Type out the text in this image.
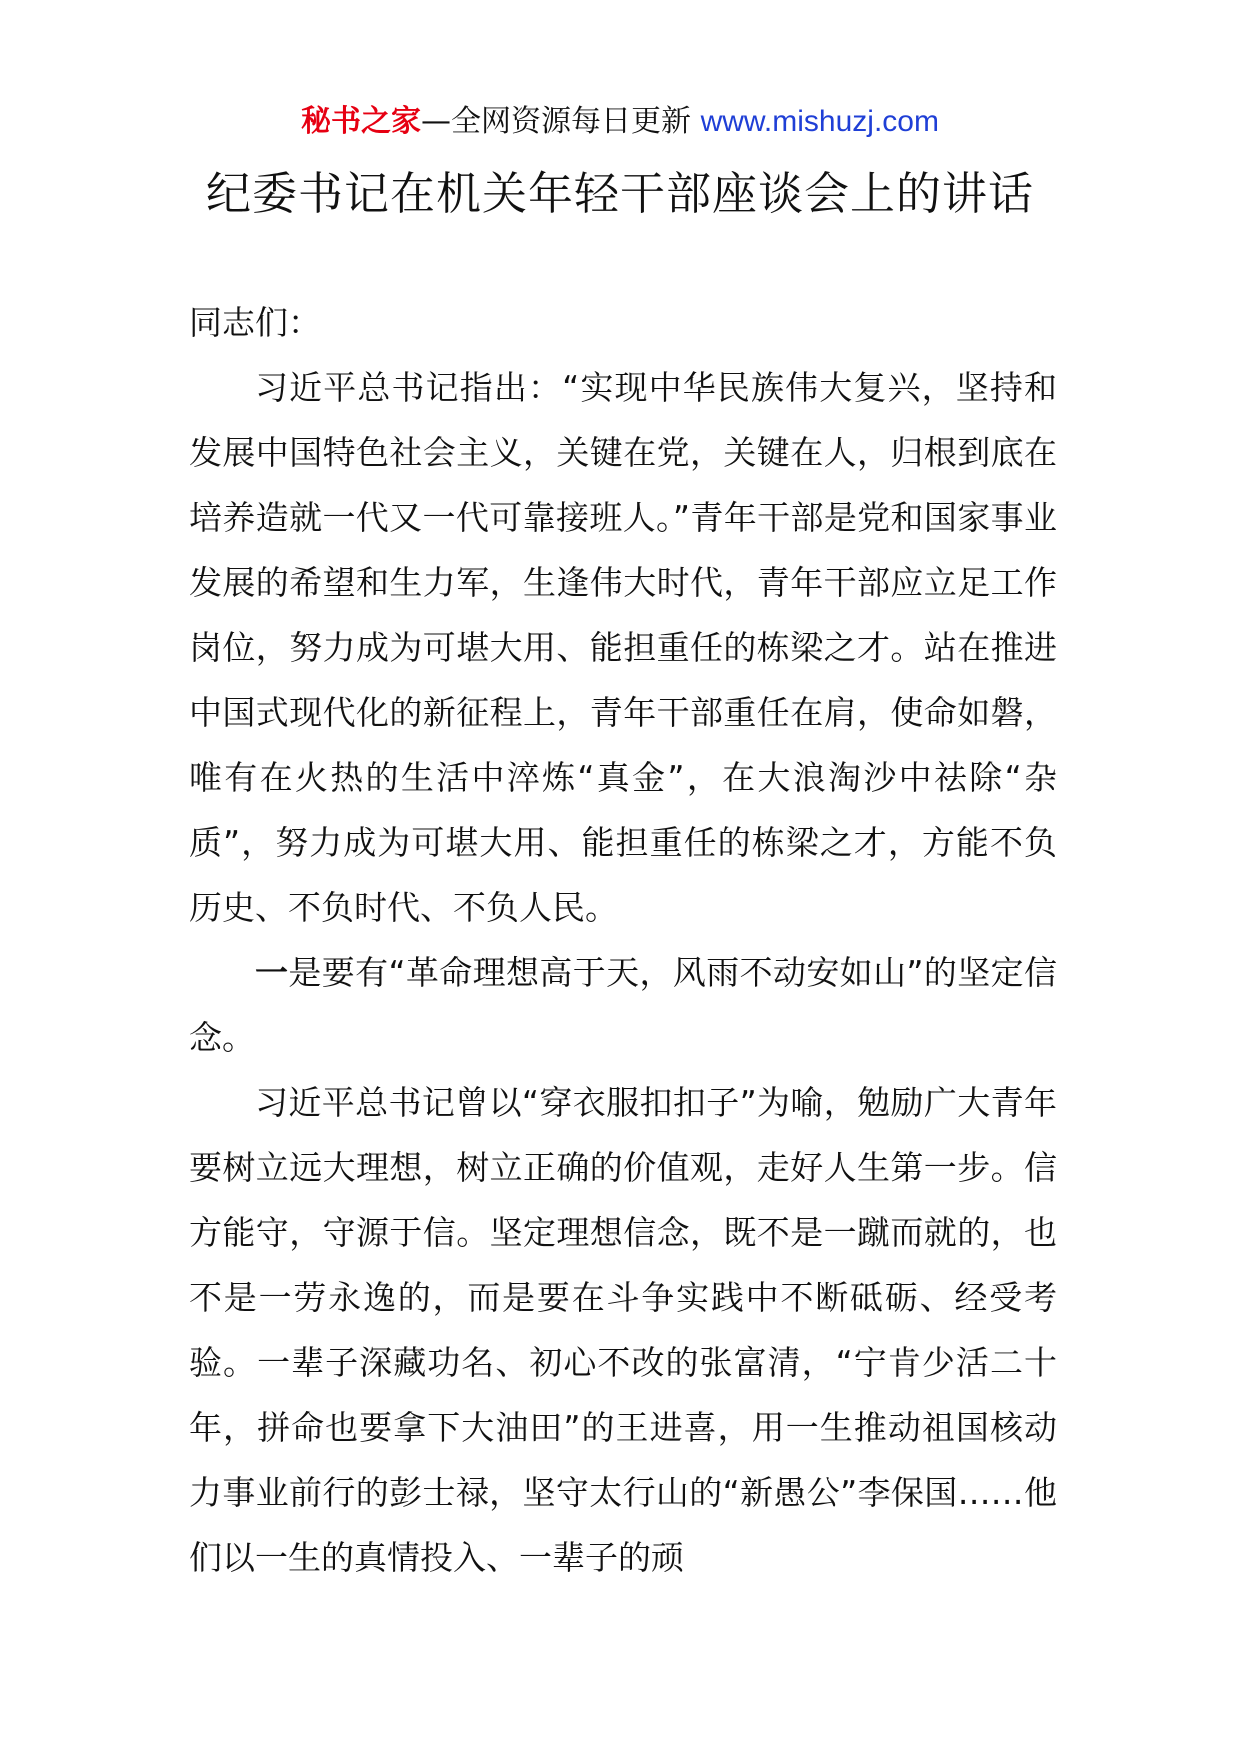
秘书之家—全网资源每日更新 www.mishuzj.com
纪委书记在机关年轻干部座谈会上的讲话

同志们：

习近平总书记指出：“实现中华民族伟大复兴，坚持和发展中国特色社会主义，关键在党，关键在人，归根到底在培养造就一代又一代可靠接班人。”青年干部是党和国家事业发展的希望和生力军，生逢伟大时代，青年干部应立足工作岗位，努力成为可堪大用、能担重任的栋梁之才。站在推进中国式现代化的新征程上，青年干部重任在肩，使命如磐，唯有在火热的生活中淬炼“真金”，在大浪淘沙中祛除“杂质”，努力成为可堪大用、能担重任的栋梁之才，方能不负历史、不负时代、不负人民。

一是要有“革命理想高于天，风雨不动安如山”的坚定信念。

习近平总书记曾以“穿衣服扣扣子”为喻，勉励广大青年要树立远大理想，树立正确的价值观，走好人生第一步。信方能守，守源于信。坚定理想信念，既不是一蹴而就的，也不是一劳永逸的，而是要在斗争实践中不断砥砺、经受考验。一辈子深藏功名、初心不改的张富清，“宁肯少活二十年，拼命也要拿下大油田”的王进喜，用一生推动祖国核动力事业前行的彭士禄，坚守太行山的“新愚公”李保国……他们以一生的真情投入、一辈子的顽
